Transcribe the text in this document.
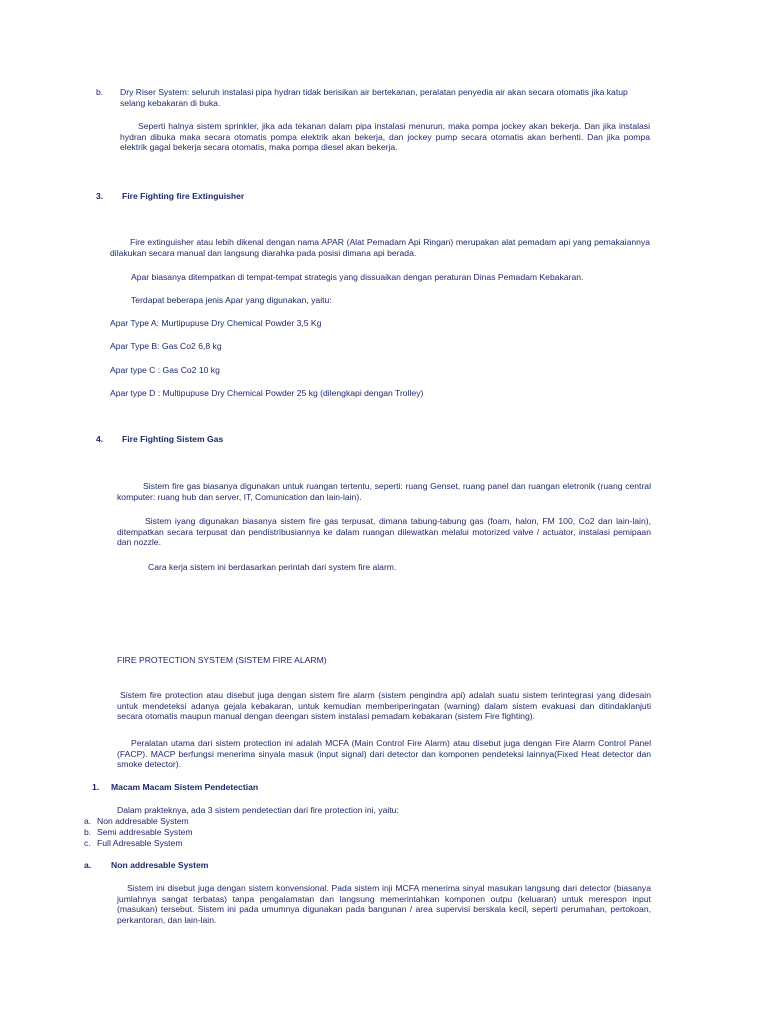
b. Dry Riser System: seluruh instalasi pipa hydran tidak berisikan air bertekanan, peralatan penyedia air akan secara otomatis jika katup selang kebakaran di buka.

Seperti halnya sistem sprinkler, jika ada tekanan dalam pipa instalasi menurun, maka pompa jockey akan bekerja. Dan jika instalasi hydran dibuka maka secara otomatis pompa elektrik akan bekerja, dan jockey pump secara otomatis akan berhenti. Dan jika pompa elektrik gagal bekerja secara otomatis, maka pompa diesel akan bekerja.

3. Fire Fighting fire Extinguisher

Fire extinguisher atau lebih dikenal dengan nama APAR (Alat Pemadam Api Ringan) merupakan alat pemadam api yang pemakaiannya dilakukan secara manual dan langsung diarahka pada posisi dimana api berada.

Apar biasanya ditempatkan di tempat-tempat strategis yang dissuaikan dengan peraturan Dinas Pemadam Kebakaran.

Terdapat beberapa jenis Apar yang digunakan, yaitu:

Apar Type A: Murtipupuse Dry Chemical Powder 3,5 Kg
Apar Type B: Gas Co2 6,8 kg
Apar type C : Gas Co2 10 kg
Apar type D : Multipupuse Dry Chemical Powder 25 kg (dilengkapi dengan Trolley)
4. Fire Fighting Sistem Gas

Sistem fire gas biasanya digunakan untuk ruangan tertentu, seperti: ruang Genset, ruang panel dan ruangan eletronik (ruang central komputer: ruang hub dan server, IT, Comunication dan lain-lain).

Sistem iyang digunakan biasanya sistem fire gas terpusat, dimana tabung-tabung gas (foam, halon, FM 100, Co2 dan lain-lain), ditempatkan secara terpusat dan pendistribusiannya ke dalam ruangan dilewatkan melalui motorized valve / actuator, instalasi pemipaan dan nozzle.

Cara kerja sistem ini berdasarkan perintah dari system fire alarm.

FIRE PROTECTION SYSTEM (SISTEM FIRE ALARM)

Sistem fire protection atau disebut juga dengan sistem fire alarm (sistem pengindra api) adalah suatu sistem terintegrasi yang didesain untuk mendeteksi adanya gejala kebakaran, untuk kemudian memberiperingatan (warning) dalam sistem evakuasi dan ditindaklanjuti secara otomatis maupun manual dengan deengan sistem instalasi pemadam kebakaran (sistem Fire fighting).

Peralatan utama dari sistem protection ini adalah MCFA (Main Control Fire Alarm) atau disebut juga dengan Fire Alarm Control Panel (FACP). MACP berfungsi menerima sinyala masuk (input signal) dari detector dan komponen pendeteksi lainnya(Fixed Heat detector dan smoke detector).

1. Macam Macam Sistem Pendetectian
Dalam prakteknya, ada 3 sistem pendetectian dari fire protection ini, yaitu:
a. Non addresable System
b. Semi addresable System
c. Full Adresable System
a. Non addresable System

Sistem ini disebut juga dengan sistem konvensional. Pada sistem inji MCFA menerima sinyal masukan langsung dari detector (biasanya jumlahnya sangat terbatas) tanpa pengalamatan dan langsung memerintahkan komponen outpu (keluaran) untuk merespon input (masukan) tersebut. Sistem ini pada umumnya digunakan pada bangunan / area supervisi berskala kecil, seperti perumahan, pertokoan, perkantoran, dan lain-lain.
